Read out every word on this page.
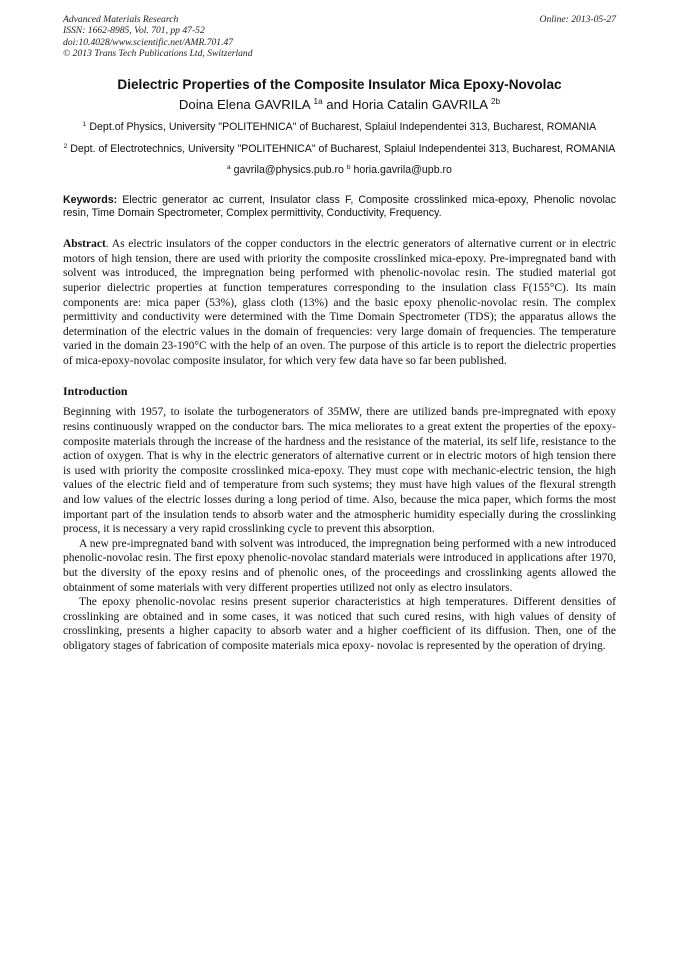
Advanced Materials Research
ISSN: 1662-8985, Vol. 701, pp 47-52
doi:10.4028/www.scientific.net/AMR.701.47
© 2013 Trans Tech Publications Ltd, Switzerland
Online: 2013-05-27
Dielectric Properties of the Composite Insulator Mica Epoxy-Novolac
Doina Elena GAVRILA $^{1a}$ and Horia Catalin GAVRILA $^{2b}$
$^1$ Dept.of Physics, University "POLITEHNICA" of Bucharest, Splaiul Independentei 313, Bucharest, ROMANIA
$^2$ Dept. of Electrotechnics, University "POLITEHNICA" of Bucharest, Splaiul Independentei 313, Bucharest, ROMANIA
$^a$ gavrila@physics.pub.ro $^b$ horia.gavrila@upb.ro
Keywords: Electric generator ac current, Insulator class F, Composite crosslinked mica-epoxy, Phenolic novolac resin, Time Domain Spectrometer, Complex permittivity, Conductivity, Frequency.
Abstract. As electric insulators of the copper conductors in the electric generators of alternative current or in electric motors of high tension, there are used with priority the composite crosslinked mica-epoxy. Pre-impregnated band with solvent was introduced, the impregnation being performed with phenolic-novolac resin. The studied material got superior dielectric properties at function temperatures corresponding to the insulation class F(155°C). Its main components are: mica paper (53%), glass cloth (13%) and the basic epoxy phenolic-novolac resin. The complex permittivity and conductivity were determined with the Time Domain Spectrometer (TDS); the apparatus allows the determination of the electric values in the domain of frequencies: very large domain of frequencies. The temperature varied in the domain 23-190°C with the help of an oven. The purpose of this article is to report the dielectric properties of mica-epoxy-novolac composite insulator, for which very few data have so far been published.
Introduction

Beginning with 1957, to isolate the turbogenerators of 35MW, there are utilized bands pre-impregnated with epoxy resins continuously wrapped on the conductor bars. The mica meliorates to a great extent the properties of the epoxy-composite materials through the increase of the hardness and the resistance of the material, its self life, resistance to the action of oxygen. That is why in the electric generators of alternative current or in electric motors of high tension there is used with priority the composite crosslinked mica-epoxy. They must cope with mechanic-electric tension, the high values of the electric field and of temperature from such systems; they must have high values of the flexural strength and low values of the electric losses during a long period of time. Also, because the mica paper, which forms the most important part of the insulation tends to absorb water and the atmospheric humidity especially during the crosslinking process, it is necessary a very rapid crosslinking cycle to prevent this absorption.

A new pre-impregnated band with solvent was introduced, the impregnation being performed with a new introduced phenolic-novolac resin. The first epoxy phenolic-novolac standard materials were introduced in applications after 1970, but the diversity of the epoxy resins and of phenolic ones, of the proceedings and crosslinking agents allowed the obtainment of some materials with very different properties utilized not only as electro insulators.

The epoxy phenolic-novolac resins present superior characteristics at high temperatures. Different densities of crosslinking are obtained and in some cases, it was noticed that such cured resins, with high values of density of crosslinking, presents a higher capacity to absorb water and a higher coefficient of its diffusion. Then, one of the obligatory stages of fabrication of composite materials mica epoxy- novolac is represented by the operation of drying.
